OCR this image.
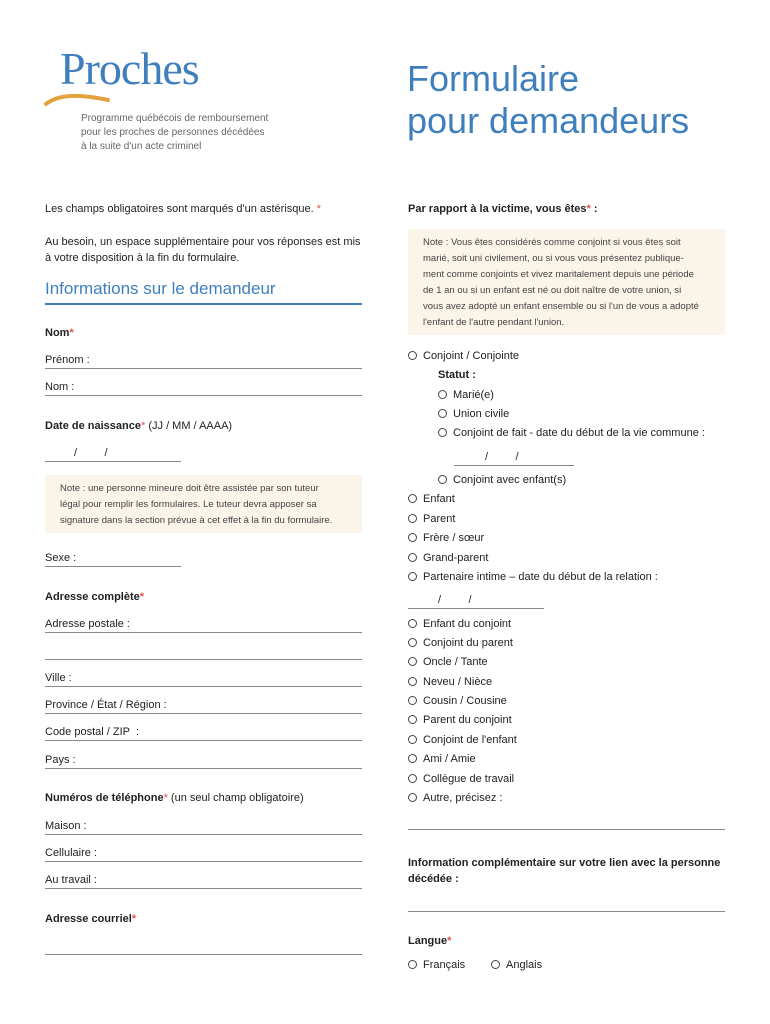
Proches
Programme québécois de remboursement
pour les proches de personnes décédées
à la suite d'un acte criminel
Formulaire
pour demandeurs
Les champs obligatoires sont marqués d'un astérisque. *
Au besoin, un espace supplémentaire pour vos réponses est mis
à votre disposition à la fin du formulaire.
Informations sur le demandeur
Nom*
Prénom :
Nom :
Date de naissance* (JJ / MM / AAAA)
/         /
Note : une personne mineure doit être assistée par son tuteur
légal pour remplir les formulaires. Le tuteur devra apposer sa
signature dans la section prévue à cet effet à la fin du formulaire.
Sexe :
Adresse complète*
Adresse postale :
Ville :
Province / État / Région :
Code postal / ZIP  :
Pays :
Numéros de téléphone* (un seul champ obligatoire)
Maison :
Cellulaire :
Au travail :
Adresse courriel*
Par rapport à la victime, vous êtes* :
Note : Vous êtes considérés comme conjoint si vous êtes soit
marié, soit uni civilement, ou si vous vous présentez publique-
ment comme conjoints et vivez maritalement depuis une période
de 1 an ou si un enfant est né ou doit naître de votre union, si
vous avez adopté un enfant ensemble ou si l'un de vous a adopté
l'enfant de l'autre pendant l'union.
Conjoint / Conjointe
Statut :
Marié(e)
Union civile
Conjoint de fait - date du début de la vie commune :
/         /
Conjoint avec enfant(s)
Enfant
Parent
Frère / sœur
Grand-parent
Partenaire intime – date du début de la relation :
/         /
Enfant du conjoint
Conjoint du parent
Oncle / Tante
Neveu / Nièce
Cousin / Cousine
Parent du conjoint
Conjoint de l'enfant
Ami / Amie
Collègue de travail
Autre, précisez :
Information complémentaire sur votre lien avec la personne
décédée :
Langue*
Français	Anglais
